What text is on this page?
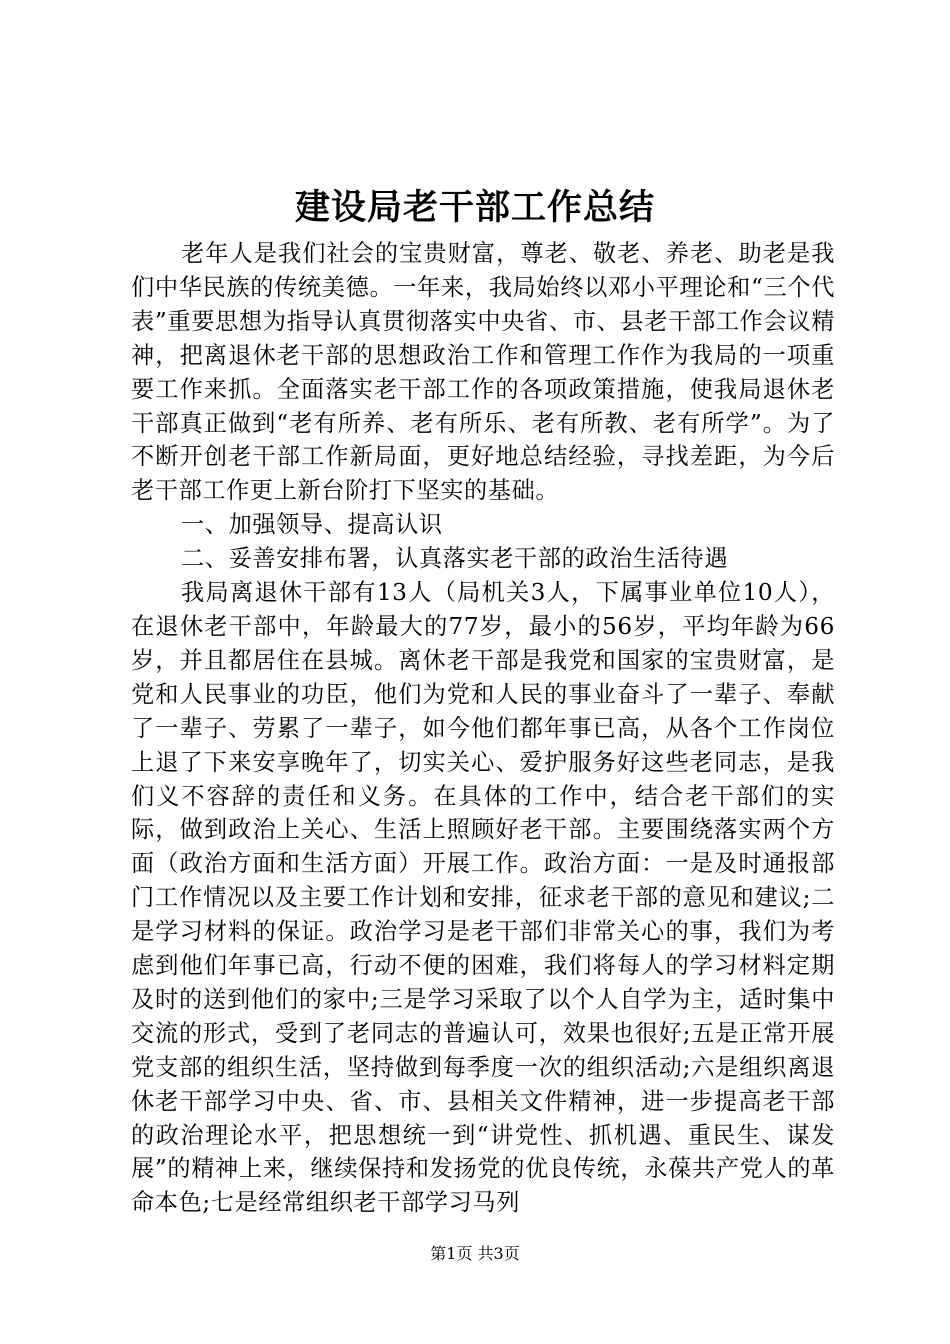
建设局老干部工作总结

老年人是我们社会的宝贵财富，尊老、敬老、养老、助老是我们中华民族的传统美德。一年来，我局始终以邓小平理论和“三个代表”重要思想为指导认真贯彻落实中央省、市、县老干部工作会议精神，把离退休老干部的思想政治工作和管理工作作为我局的一项重要工作来抓。全面落实老干部工作的各项政策措施，使我局退休老干部真正做到“老有所养、老有所乐、老有所教、老有所学”。为了不断开创老干部工作新局面，更好地总结经验，寻找差距，为今后老干部工作更上新台阶打下坚实的基础。

一、加强领导、提高认识

二、妥善安排布署，认真落实老干部的政治生活待遇

我局离退休干部有13人（局机关3人，下属事业单位10人），在退休老干部中，年龄最大的77岁，最小的56岁，平均年龄为66岁，并且都居住在县城。离休老干部是我党和国家的宝贵财富，是党和人民事业的功臣，他们为党和人民的事业奋斗了一辈子、奉献了一辈子、劳累了一辈子，如今他们都年事已高，从各个工作岗位上退了下来安享晚年了，切实关心、爱护服务好这些老同志，是我们义不容辞的责任和义务。在具体的工作中，结合老干部们的实际，做到政治上关心、生活上照顾好老干部。主要围绕落实两个方面（政治方面和生活方面）开展工作。政治方面：一是及时通报部门工作情况以及主要工作计划和安排，征求老干部的意见和建议;二是学习材料的保证。政治学习是老干部们非常关心的事，我们为考虑到他们年事已高，行动不便的困难，我们将每人的学习材料定期及时的送到他们的家中;三是学习采取了以个人自学为主，适时集中交流的形式，受到了老同志的普遍认可，效果也很好;五是正常开展党支部的组织生活，坚持做到每季度一次的组织活动;六是组织离退休老干部学习中央、省、市、县相关文件精神，进一步提高老干部的政治理论水平，把思想统一到“讲党性、抓机遇、重民生、谋发展”的精神上来，继续保持和发扬党的优良传统，永葆共产党人的革命本色;七是经常组织老干部学习马列

第1页 共3页
